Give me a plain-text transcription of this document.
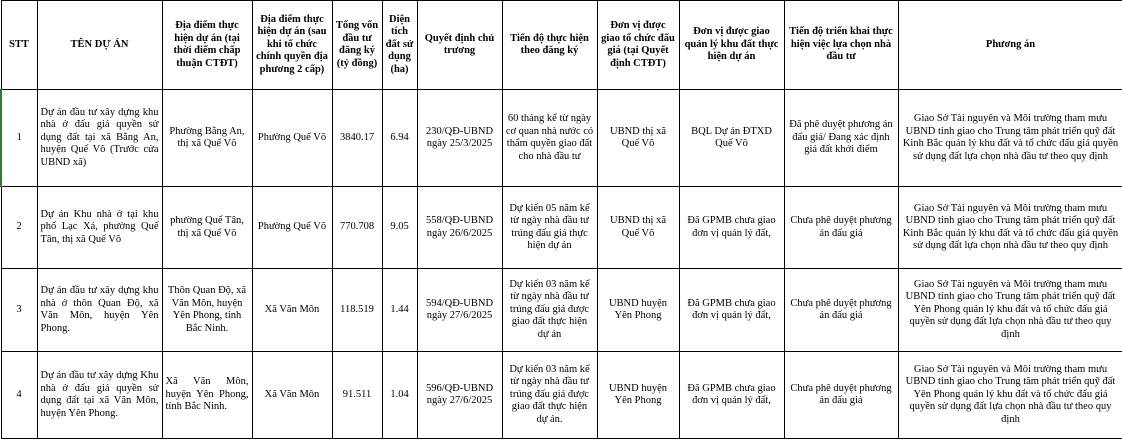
STT	TÊN DỰ ÁN	Địa điểm thực hiện dự án (tại thời điểm chấp thuận CTĐT)	Địa điểm thực hiện dự án (sau khi tổ chức chính quyền địa phương 2 cấp)	Tổng vốn đầu tư đăng ký (tỷ đồng)	Diện tích đất sử dụng (ha)	Quyết định chủ trương	Tiến độ thực hiện theo đăng ký	Đơn vị được giao tổ chức đấu giá (tại Quyết định CTĐT)	Đơn vị được giao quản lý khu đất thực hiện dự án	Tiến độ triển khai thực hiện việc lựa chọn nhà đầu tư	Phương án
1	Dự án đầu tư xây dựng khu nhà ở đấu giá quyền sử dụng đất tại xã Bằng An, huyện Quế Võ (Trước cửa UBND xã)	Phường Bằng An, thị xã Quế Võ	Phường Quế Võ	3840.17	6.94	230/QĐ-UBND ngày 25/3/2025	60 tháng kể từ ngày cơ quan nhà nước có thẩm quyền giao đất cho nhà đầu tư	UBND thị xã Quế Võ	BQL Dự án ĐTXD Quế Võ	Đã phê duyệt phương án đấu giá/ Đang xác định giá đất khởi điểm	Giao Sở Tài nguyên và Môi trường tham mưu UBND tỉnh giao cho Trung tâm phát triển quỹ đất Kinh Bắc quản lý khu đất và tổ chức đấu giá quyền sử dụng đất lựa chọn nhà đầu tư theo quy định
2	Dự án Khu nhà ở tại khu phố Lạc Xá, phường Quế Tân, thị xã Quế Võ	phường Quế Tân, thị xã Quế Võ	Phường Quế Võ	770.708	9.05	558/QĐ-UBND ngày 26/6/2025	Dự kiến 05 năm kể từ ngày nhà đầu tư trúng đấu giá thực hiện dự án	UBND thị xã Quế Võ	Đã GPMB chưa giao đơn vị quản lý đất,	Chưa phê duyệt phương án đấu giá	Giao Sở Tài nguyên và Môi trường tham mưu UBND tỉnh giao cho Trung tâm phát triển quỹ đất Kinh Bắc quản lý khu đất và tổ chức đấu giá quyền sử dụng đất lựa chọn nhà đầu tư theo quy định
3	Dự án đầu tư xây dựng khu nhà ở thôn Quan Độ, xã Văn Môn, huyện Yên Phong.	Thôn Quan Độ, xã Văn Môn, huyện Yên Phong, tỉnh Bắc Ninh.	Xã Văn Môn	118.519	1.44	594/QĐ-UBND ngày 27/6/2025	Dự kiến 03 năm kể từ ngày nhà đầu tư trúng đấu giá được giao đất thực hiện dự án	UBND huyện Yên Phong	Đã GPMB chưa giao đơn vị quản lý đất,	Chưa phê duyệt phương án đấu giá	Giao Sở Tài nguyên và Môi trường tham mưu UBND tỉnh giao cho Trung tâm phát triển quỹ đất Yên Phong quản lý khu đất và tổ chức đấu giá quyền sử dụng đất lựa chọn nhà đầu tư theo quy định
4	Dự án đầu tư xây dựng Khu nhà ở đấu giá quyền sử dụng đất tại xã Văn Môn, huyện Yên Phong.	Xã Văn Môn, huyện Yên Phong, tỉnh Bắc Ninh.	Xã Văn Môn	91.511	1.04	596/QĐ-UBND ngày 27/6/2025	Dự kiến 03 năm kể từ ngày nhà đầu tư trúng đấu giá được giao đất thực hiện dự án.	UBND huyện Yên Phong	Đã GPMB chưa giao đơn vị quản lý đất,	Chưa phê duyệt phương án đấu giá	Giao Sở Tài nguyên và Môi trường tham mưu UBND tỉnh giao cho Trung tâm phát triển quỹ đất Yên Phong quản lý khu đất và tổ chức đấu giá quyền sử dụng đất lựa chọn nhà đầu tư theo quy định
